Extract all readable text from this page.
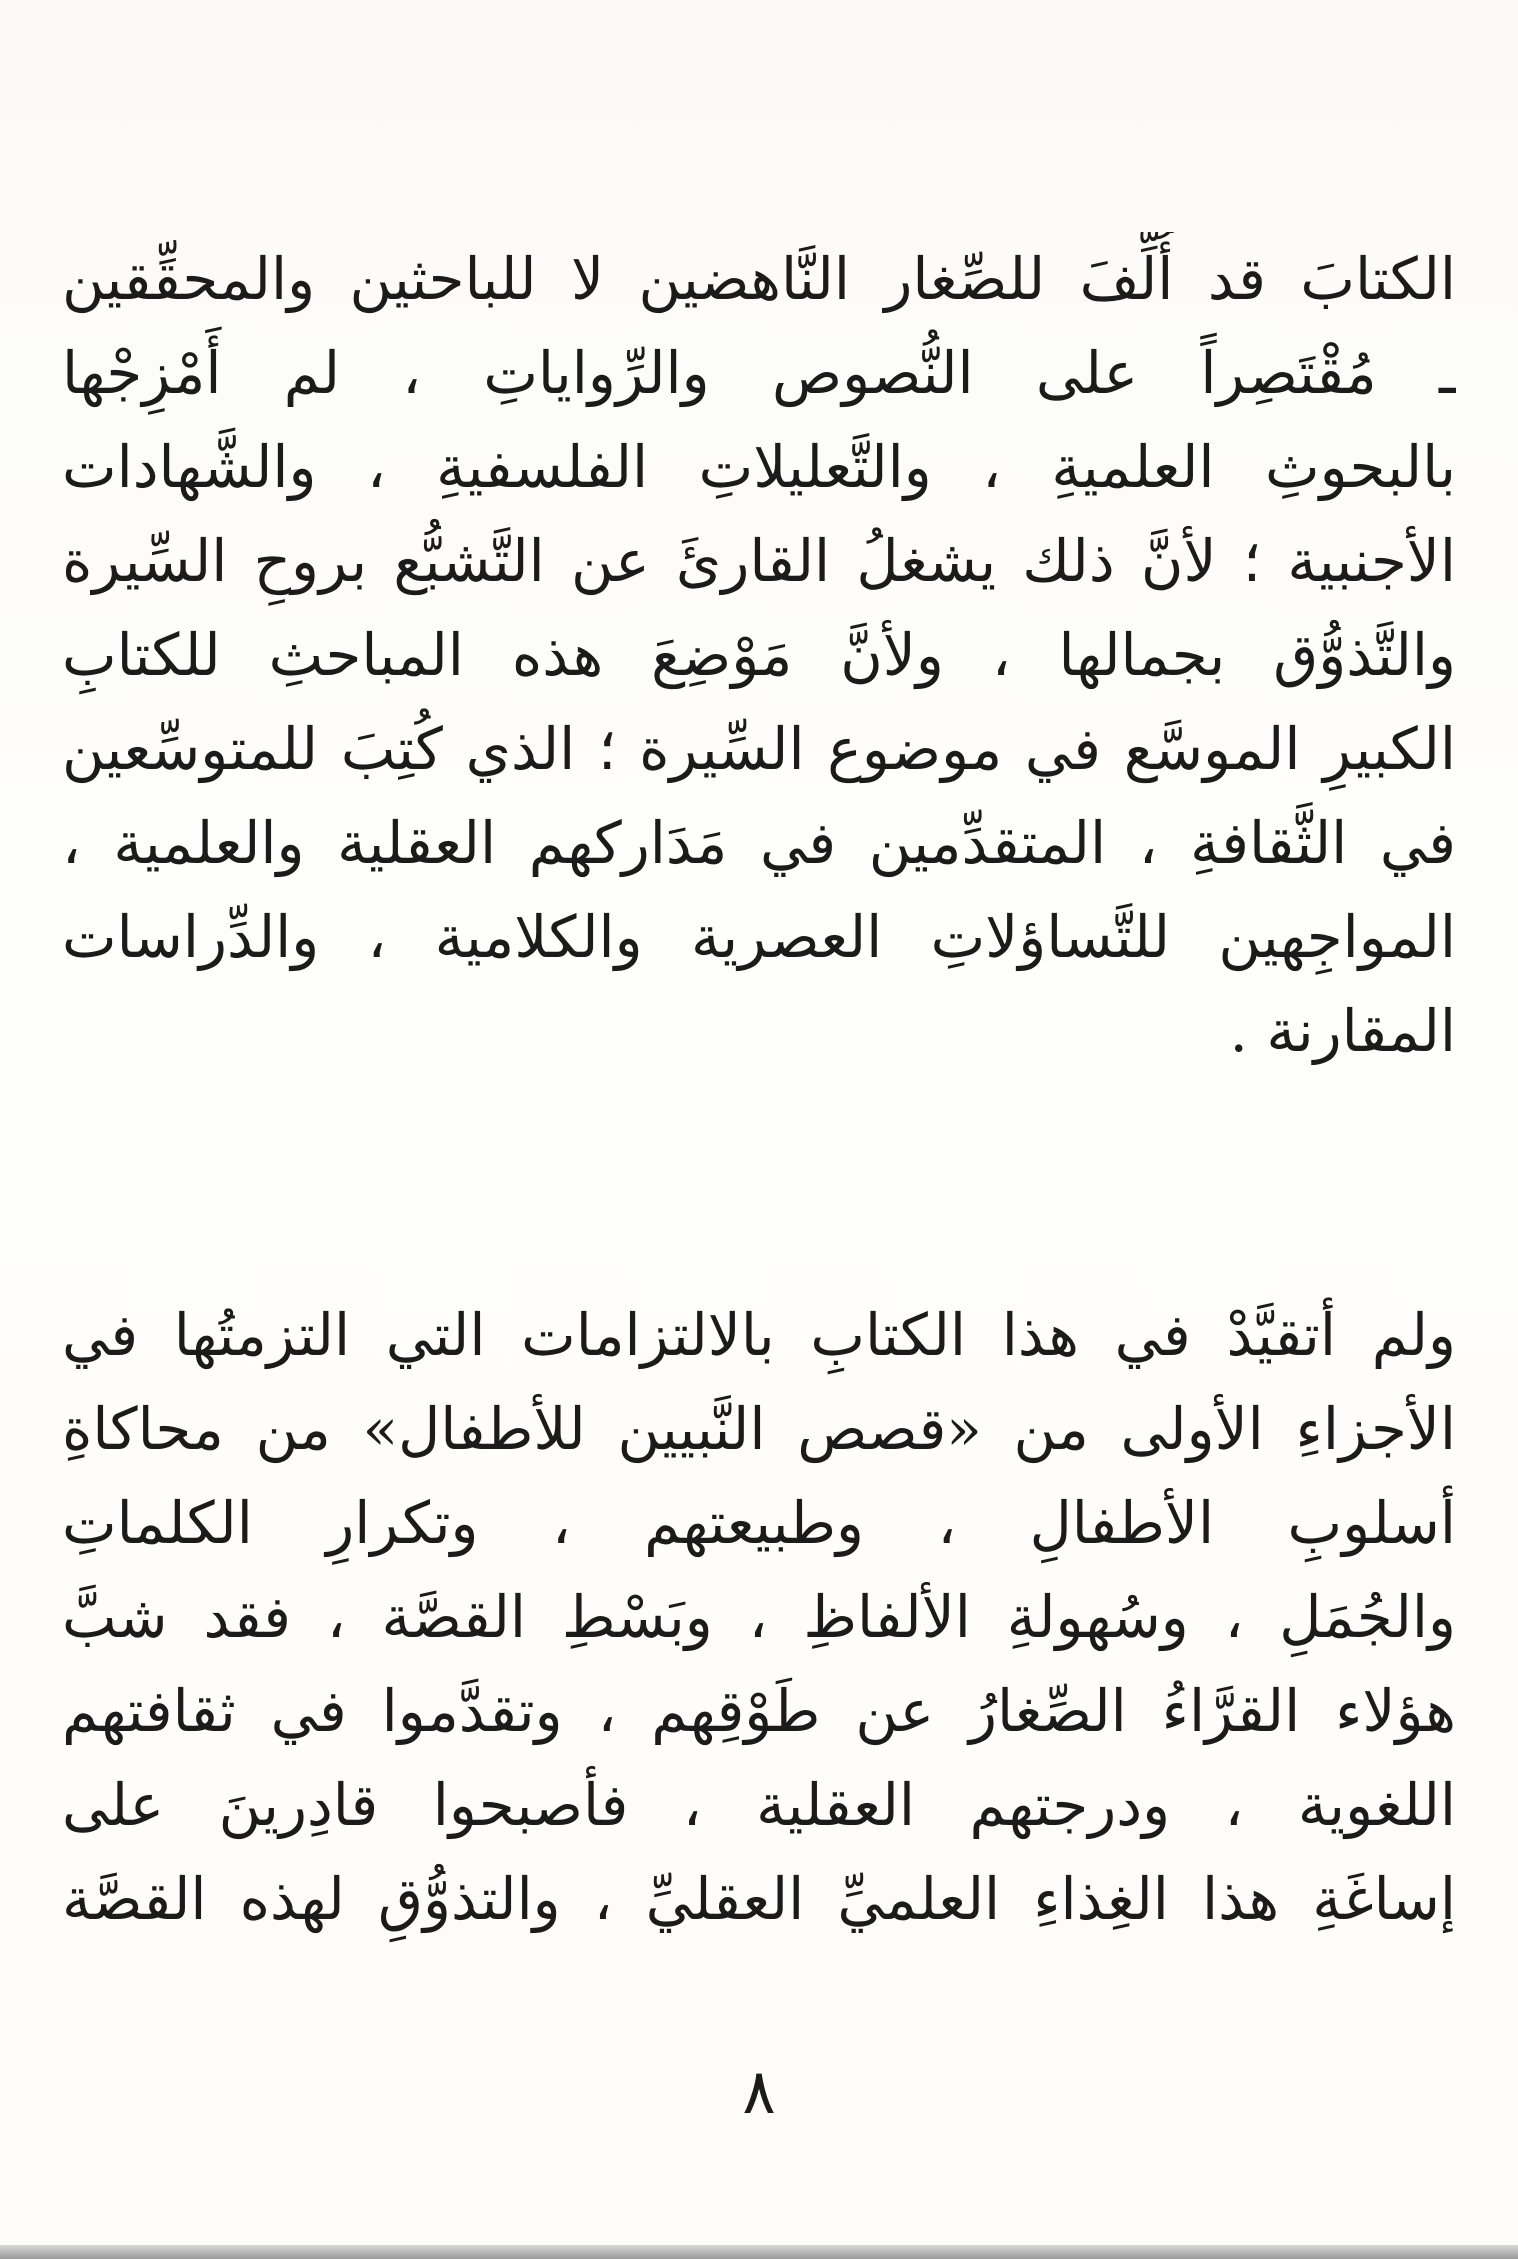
الكتابَ قد أُلِّفَ للصِّغار النَّاهضين لا للباحثين والمحقِّقين
ـ مُقْتَصِراً على النُّصوص والرِّواياتِ ، لم أَمْزِجْها
بالبحوثِ العلميةِ ، والتَّعليلاتِ الفلسفيةِ ، والشَّهادات
الأجنبية ؛ لأنَّ ذلك يشغلُ القارئَ عن التَّشبُّع بروحِ السِّيرة
والتَّذوُّق بجمالها ، ولأنَّ مَوْضِعَ هذه المباحثِ للكتابِ
الكبيرِ الموسَّع في موضوع السِّيرة ؛ الذي كُتِبَ للمتوسِّعين
في الثَّقافةِ ، المتقدِّمين في مَدَاركهم العقلية والعلمية ،
المواجِهين للتَّساؤلاتِ العصرية والكلامية ، والدِّراسات
المقارنة .
ولم أتقيَّدْ في هذا الكتابِ بالالتزامات التي التزمتُها في
الأجزاءِ الأولى من «قصص النَّبيين للأطفال» من محاكاةِ
أسلوبِ الأطفالِ ، وطبيعتهم ، وتكرارِ الكلماتِ
والجُمَلِ ، وسُهولةِ الألفاظِ ، وبَسْطِ القصَّة ، فقد شبَّ
هؤلاء القرَّاءُ الصِّغارُ عن طَوْقِهم ، وتقدَّموا في ثقافتهم
اللغوية ، ودرجتهم العقلية ، فأصبحوا قادِرينَ على
إساغَةِ هذا الغِذاءِ العلميِّ العقليِّ ، والتذوُّقِ لهذه القصَّة
٨
